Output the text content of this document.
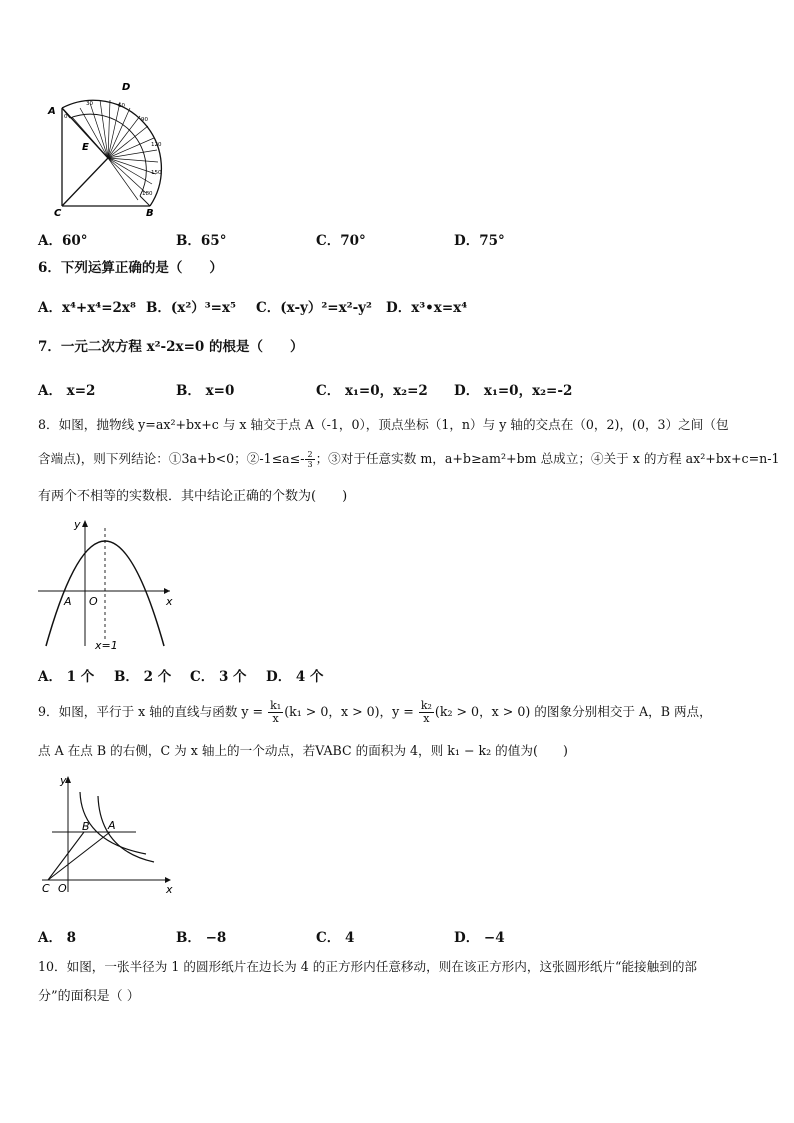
A
D
E
C	B
0
30	60
90
120
150
180
A．60°	B．65°	C．70°	D．75°
6．下列运算正确的是（　　）
A．x⁴+x⁴=2x⁸ B．(x²）³=x⁵ C．(x-y）²=x²-y² D．x³•x=x⁴
7．一元二次方程 x²-2x=0 的根是（　　）
A． x=2	B． x=0	C． x₁=0，x₂=2 D． x₁=0，x₂=-2
8．如图，抛物线 y=ax²+bx+c 与 x 轴交于点 A（-1，0），顶点坐标（1，n）与 y 轴的交点在（0，2)，(0，3）之间（包
含端点)，则下列结论：①3a+b<0；②-1≤a≤- $\frac{2}{3}$ ；③对于任意实数 m，a+b≥am²+bm 总成立；④关于 x 的方程 ax²+bx+c=n-1
有两个不相等的实数根．其中结论正确的个数为(　　)
y
x
A O
x=1
A． 1 个 B． 2 个 C． 3 个 D． 4 个
9．如图，平行于 x 轴的直线与函数 $y = \frac{\text{k₁}}{x} (k_1 > 0$，x > 0)，$y = \frac{\text{k₂}}{x} (k_2 > 0$，x > 0) 的图象分别相交于 A，B 两点，
点 A 在点 B 的右侧，C 为 x 轴上的一个动点，若VABC 的面积为 4，则 k₁ − k₂ 的值为(　　)
y
x
B A
C O
A． 8	B． −8	C． 4	D． −4
10．如图，一张半径为 1 的圆形纸片在边长为 4 的正方形内任意移动，则在该正方形内，这张圆形纸片“能接触到的部
分”的面积是（ ）
